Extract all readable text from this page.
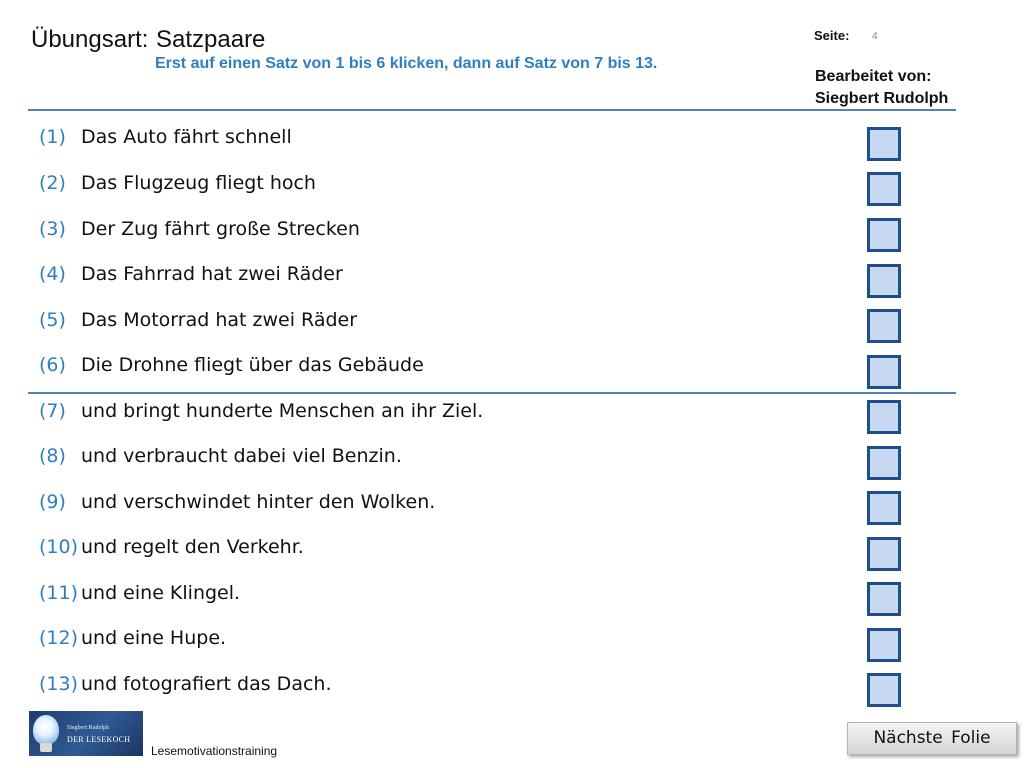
Übungsart: Satzpaare
Erst auf einen Satz von 1 bis 6 klicken, dann auf Satz von 7 bis 13.
Seite: 4
Bearbeitet von:
Siegbert Rudolph
(1) Das Auto fährt schnell
(2) Das Flugzeug fliegt hoch
(3) Der Zug fährt große Strecken
(4) Das Fahrrad hat zwei Räder
(5) Das Motorrad hat zwei Räder
(6) Die Drohne fliegt über das Gebäude
(7) und bringt hunderte Menschen an ihr Ziel.
(8) und verbraucht dabei viel Benzin.
(9) und verschwindet hinter den Wolken.
(10) und regelt den Verkehr.
(11) und eine Klingel.
(12) und eine Hupe.
(13) und fotografiert das Dach.
Siegbert Rudolph
DER LESEKOCH
Lesemotivationstraining
Nächste Folie
